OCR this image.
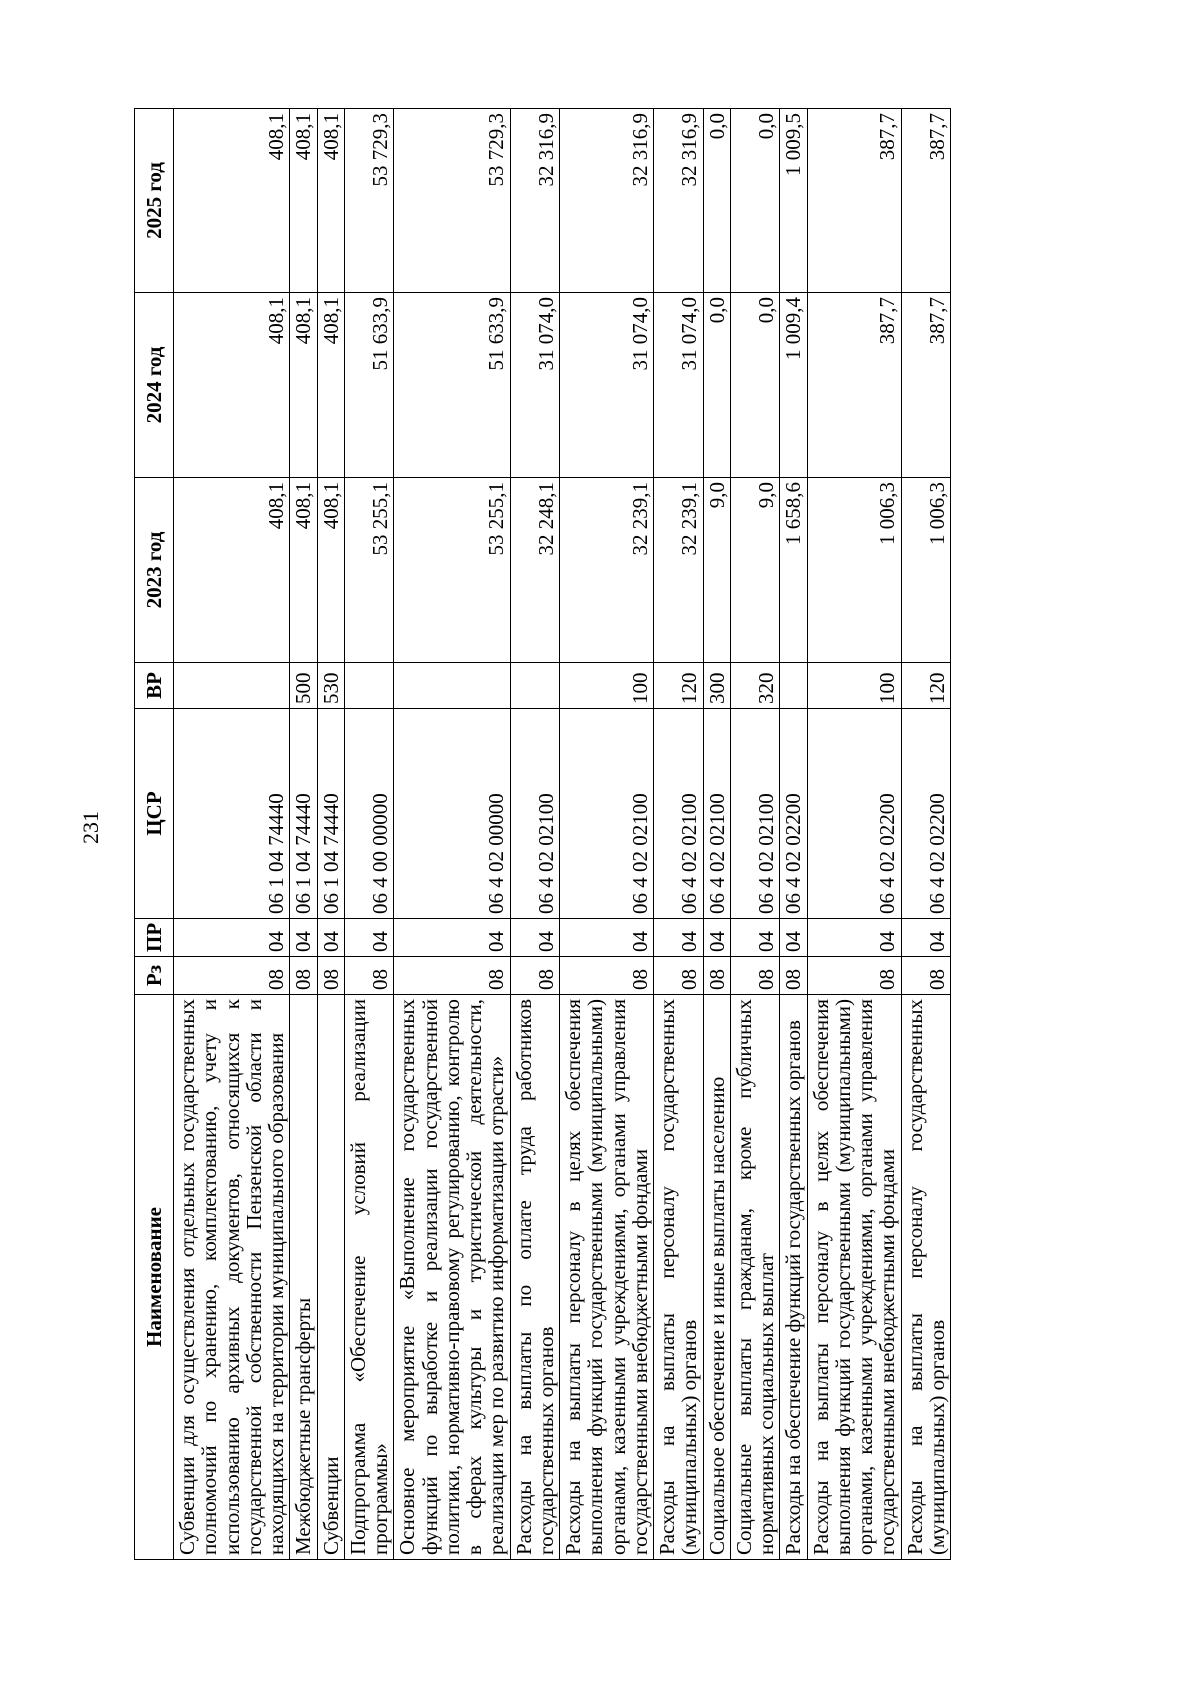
231
Наименование	Рз	ПР	ЦСР	ВР	2023 год	2024 год	2025 год
Субвенции для осуществления отдельных государственных полномочий по хранению, комплектованию, учету и использованию архивных документов, относящихся к государственной собственности Пензенской области и находящихся на территории муниципального образования	08	04	06 1 04 74440		408,1	408,1	408,1
Межбюджетные трансферты	08	04	06 1 04 74440	500	408,1	408,1	408,1
Субвенции	08	04	06 1 04 74440	530	408,1	408,1	408,1
Подпрограмма «Обеспечение условий реализации программы»	08	04	06 4 00 00000		53 255,1	51 633,9	53 729,3
Основное мероприятие «Выполнение государственных функций по выработке и реализации государственной политики, нормативно-правовому регулированию, контролю в сферах культуры и туристической деятельности, реализации мер по развитию информатизации отрасти»	08	04	06 4 02 00000		53 255,1	51 633,9	53 729,3
Расходы на выплаты по оплате труда работников государственных органов	08	04	06 4 02 02100		32 248,1	31 074,0	32 316,9
Расходы на выплаты персоналу в целях обеспечения выполнения функций государственными (муниципальными) органами, казенными учреждениями, органами управления государственными внебюджетными фондами	08	04	06 4 02 02100	100	32 239,1	31 074,0	32 316,9
Расходы на выплаты персоналу государственных (муниципальных) органов	08	04	06 4 02 02100	120	32 239,1	31 074,0	32 316,9
Социальное обеспечение и иные выплаты населению	08	04	06 4 02 02100	300	9,0	0,0	0,0
Социальные выплаты гражданам, кроме публичных нормативных социальных выплат	08	04	06 4 02 02100	320	9,0	0,0	0,0
Расходы на обеспечение функций государственных органов	08	04	06 4 02 02200		1 658,6	1 009,4	1 009,5
Расходы на выплаты персоналу в целях обеспечения выполнения функций государственными (муниципальными) органами, казенными учреждениями, органами управления государственными внебюджетными фондами	08	04	06 4 02 02200	100	1 006,3	387,7	387,7
Расходы на выплаты персоналу государственных (муниципальных) органов	08	04	06 4 02 02200	120	1 006,3	387,7	387,7
